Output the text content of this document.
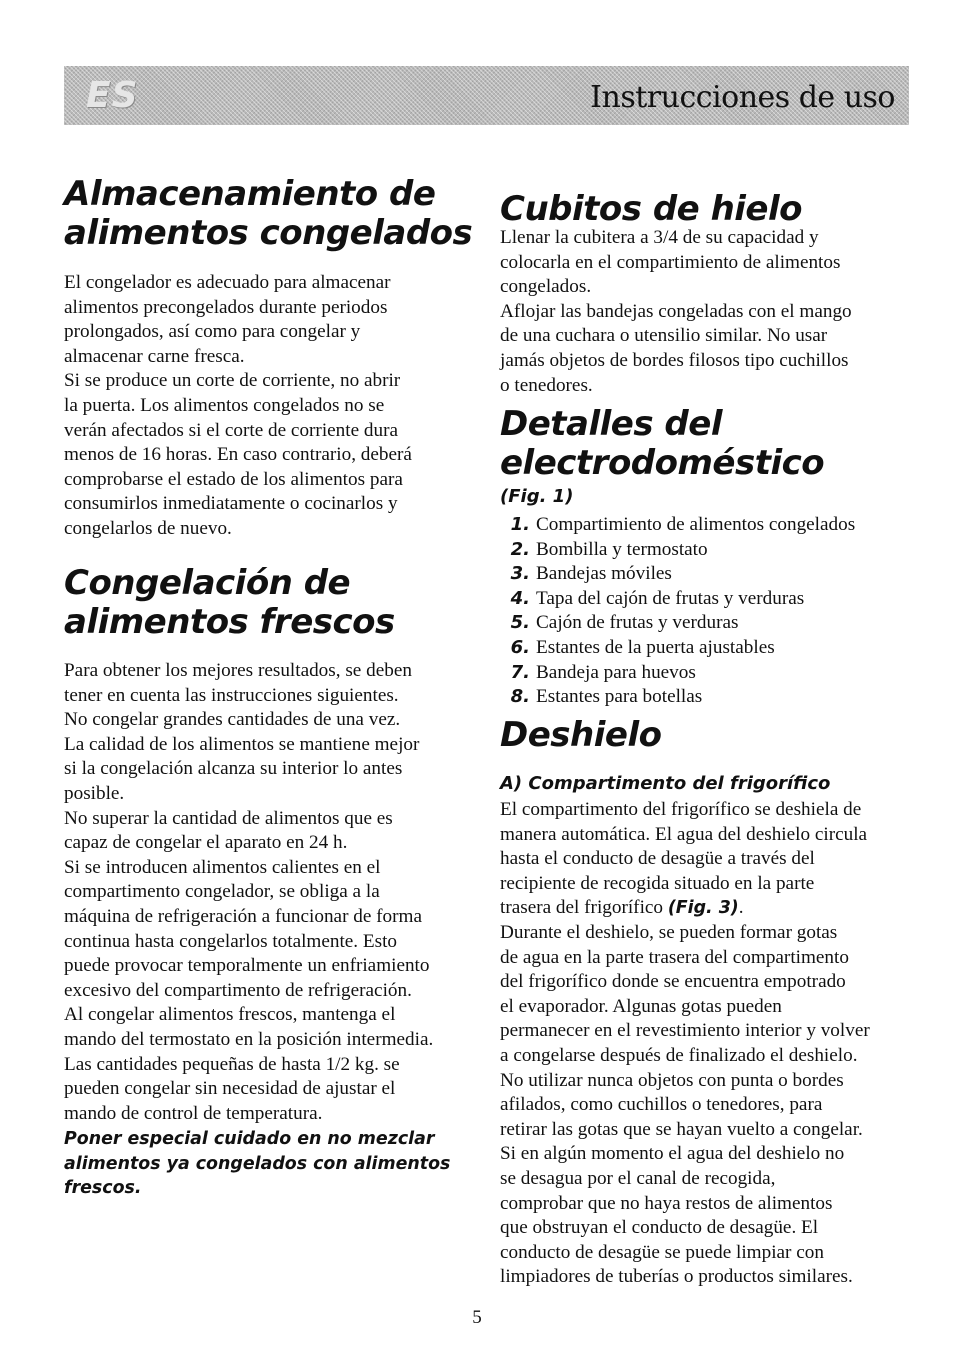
ES	Instrucciones de uso
Almacenamiento de
alimentos congelados

El congelador es adecuado para almacenar
alimentos precongelados durante periodos
prolongados, así como para congelar y
almacenar carne fresca.
Si se produce un corte de corriente, no abrir
la puerta. Los alimentos congelados no se
verán afectados si el corte de corriente dura
menos de 16 horas. En caso contrario, deberá
comprobarse el estado de los alimentos para
consumirlos inmediatamente o cocinarlos y
congelarlos de nuevo.

Congelación de
alimentos frescos

Para obtener los mejores resultados, se deben
tener en cuenta las instrucciones siguientes.
No congelar grandes cantidades de una vez.
La calidad de los alimentos se mantiene mejor
si la congelación alcanza su interior lo antes
posible.
No superar la cantidad de alimentos que es
capaz de congelar el aparato en 24 h.
Si se introducen alimentos calientes en el
compartimento congelador, se obliga a la
máquina de refrigeración a funcionar de forma
continua hasta congelarlos totalmente. Esto
puede provocar temporalmente un enfriamiento
excesivo del compartimento de refrigeración.
Al congelar alimentos frescos, mantenga el
mando del termostato en la posición intermedia.
Las cantidades pequeñas de hasta 1/2 kg. se
pueden congelar sin necesidad de ajustar el
mando de control de temperatura.

Poner especial cuidado en no mezclar
alimentos ya congelados con alimentos
frescos.

Cubitos de hielo

Llenar la cubitera a 3/4 de su capacidad y
colocarla en el compartimiento de alimentos
congelados.
Aflojar las bandejas congeladas con el mango
de una cuchara o utensilio similar. No usar
jamás objetos de bordes filosos tipo cuchillos
o tenedores.

Detalles del
electrodoméstico

(Fig. 1)

1. Compartimiento de alimentos congelados
2. Bombilla y termostato
3. Bandejas móviles
4. Tapa del cajón de frutas y verduras
5. Cajón de frutas y verduras
6. Estantes de la puerta ajustables
7. Bandeja para huevos
8. Estantes para botellas
Deshielo

A) Compartimento del frigorífico

El compartimento del frigorífico se deshiela de
manera automática. El agua del deshielo circula
hasta el conducto de desagüe a través del
recipiente de recogida situado en la parte
trasera del frigorífico (Fig. 3).
Durante el deshielo, se pueden formar gotas
de agua en la parte trasera del compartimento
del frigorífico donde se encuentra empotrado
el evaporador. Algunas gotas pueden
permanecer en el revestimiento interior y volver
a congelarse después de finalizado el deshielo.
No utilizar nunca objetos con punta o bordes
afilados, como cuchillos o tenedores, para
retirar las gotas que se hayan vuelto a congelar.
Si en algún momento el agua del deshielo no
se desagua por el canal de recogida,
comprobar que no haya restos de alimentos
que obstruyan el conducto de desagüe. El
conducto de desagüe se puede limpiar con
limpiadores de tuberías o productos similares.

5
